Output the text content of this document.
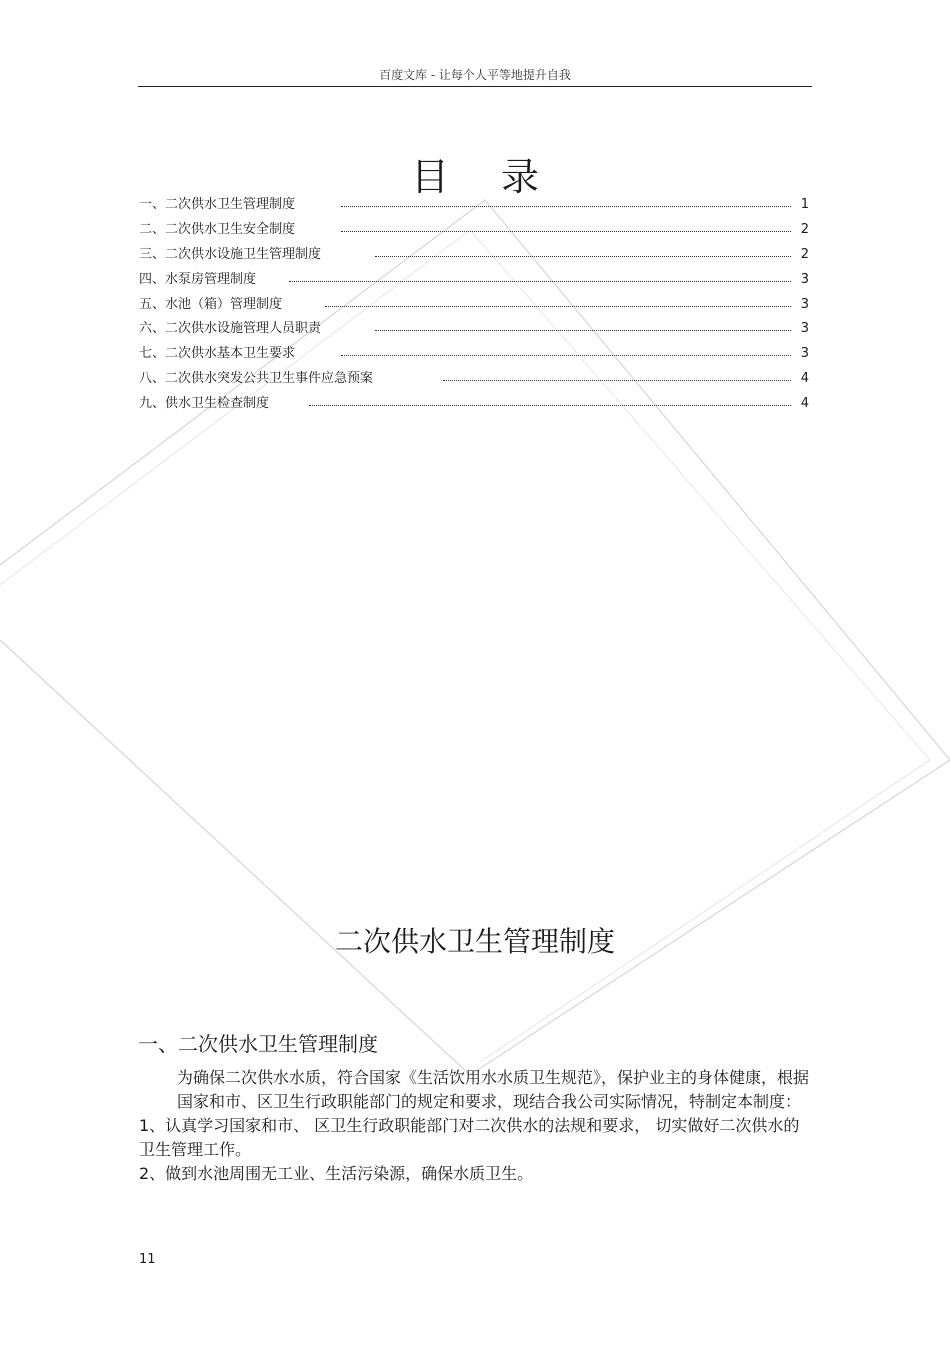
百度文库 - 让每个人平等地提升自我
目 录
一、二次供水卫生管理制度	1
二、二次供水卫生安全制度	2
三、二次供水设施卫生管理制度	2
四、水泵房管理制度	3
五、水池（箱）管理制度	3
六、二次供水设施管理人员职责	3
七、二次供水基本卫生要求	3
八、二次供水突发公共卫生事件应急预案	4
九、供水卫生检查制度	4
二次供水卫生管理制度
一、二次供水卫生管理制度

为确保二次供水水质，符合国家《生活饮用水水质卫生规范》，保护业主的身体健康，根据国家和市、区卫生行政职能部门的规定和要求，现结合我公司实际情况，特制定本制度：

1、认真学习国家和市、 区卫生行政职能部门对二次供水的法规和要求， 切实做好二次供水的卫生管理工作。

2、做到水池周围无工业、生活污染源，确保水质卫生。

11
